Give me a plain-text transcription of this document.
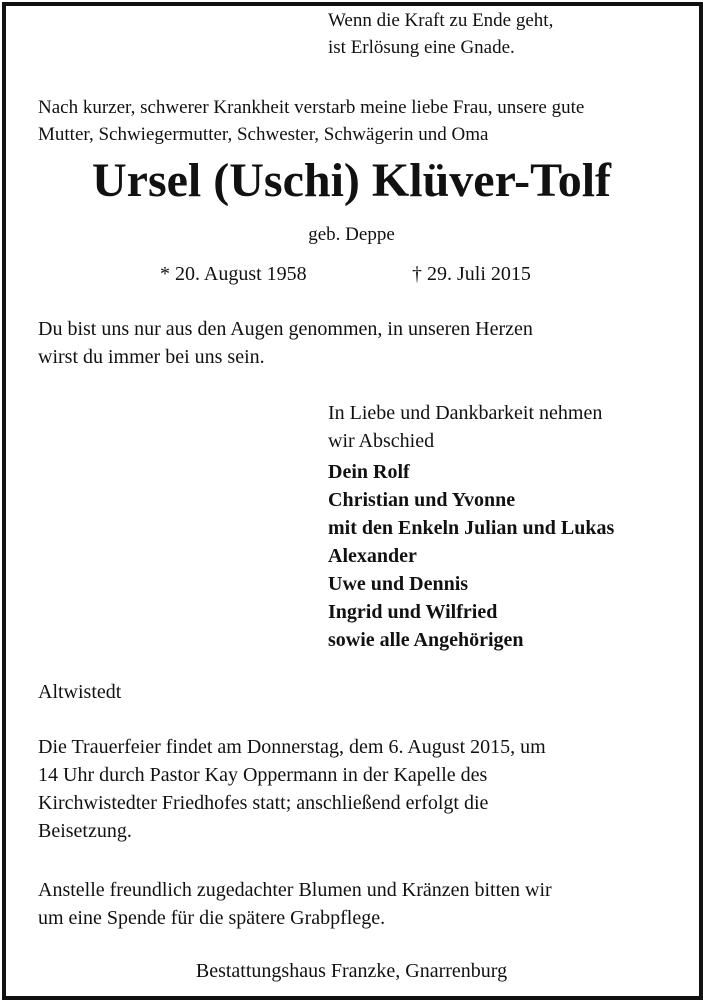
Wenn die Kraft zu Ende geht,
ist Erlösung eine Gnade.

Nach kurzer, schwerer Krankheit verstarb meine liebe Frau, unsere gute
Mutter, Schwiegermutter, Schwester, Schwägerin und Oma

Ursel (Uschi) Klüver-Tolf

geb. Deppe

* 20. August 1958	† 29. Juli 2015

Du bist uns nur aus den Augen genommen, in unseren Herzen
wirst du immer bei uns sein.

In Liebe und Dankbarkeit nehmen
wir Abschied

Dein Rolf
Christian und Yvonne
mit den Enkeln Julian und Lukas
Alexander
Uwe und Dennis
Ingrid und Wilfried
sowie alle Angehörigen

Altwistedt

Die Trauerfeier findet am Donnerstag, dem 6. August 2015, um
14 Uhr durch Pastor Kay Oppermann in der Kapelle des
Kirchwistedter Friedhofes statt; anschließend erfolgt die
Beisetzung.

Anstelle freundlich zugedachter Blumen und Kränzen bitten wir
um eine Spende für die spätere Grabpflege.

Bestattungshaus Franzke, Gnarrenburg
